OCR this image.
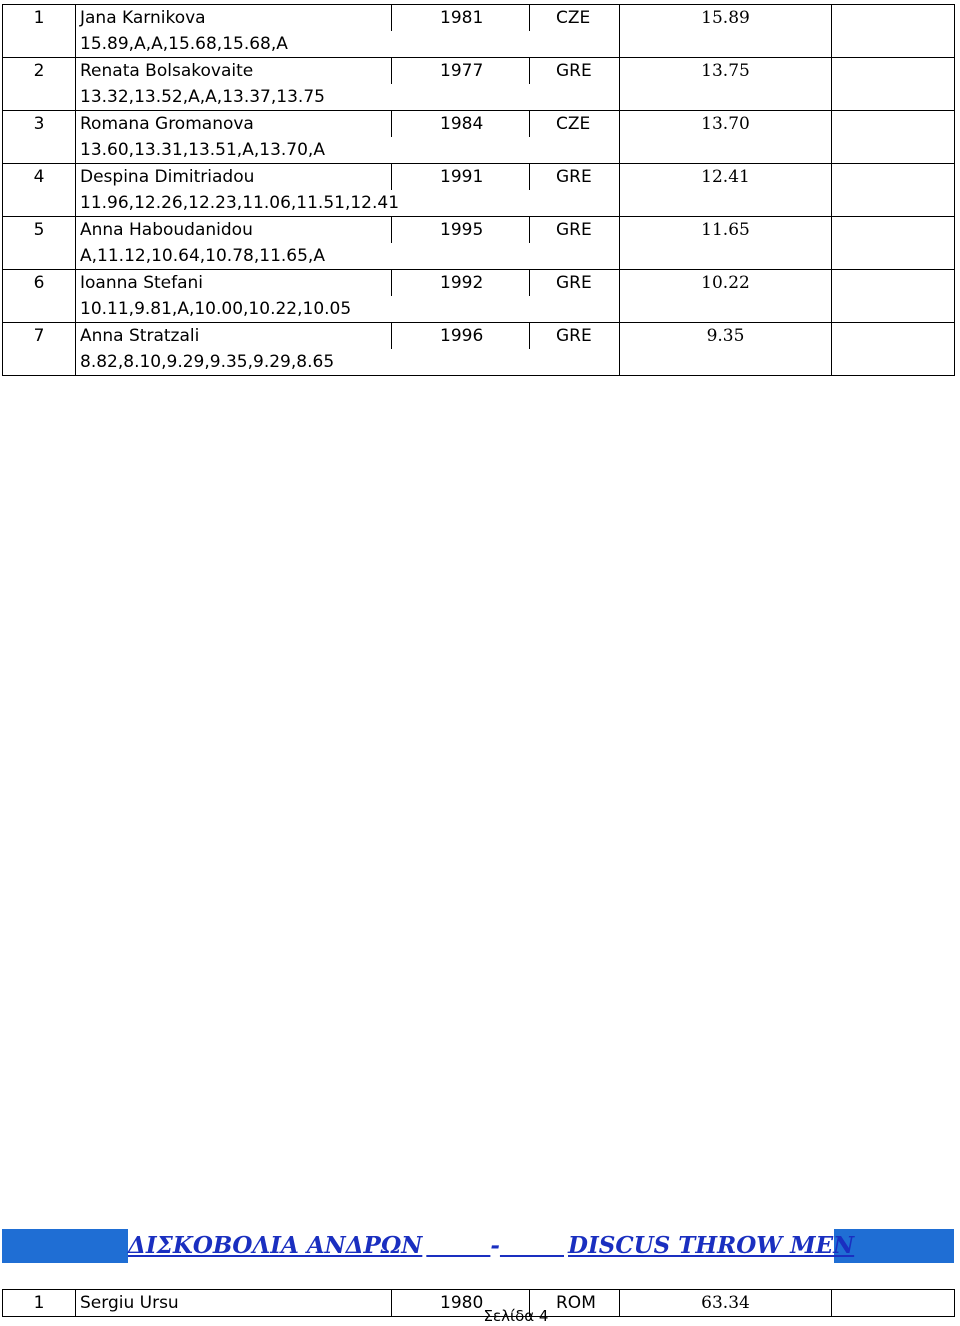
1	Jana Karnikova	1981	CZE	15.89	
	15.89,A,A,15.68,15.68,A				
2	Renata Bolsakovaite	1977	GRE	13.75	
	13.32,13.52,A,A,13.37,13.75				
3	Romana Gromanova	1984	CZE	13.70	
	13.60,13.31,13.51,A,13.70,A				
4	Despina Dimitriadou	1991	GRE	12.41	
	11.96,12.26,12.23,11.06,11.51,12.41				
5	Anna Haboudanidou	1995	GRE	11.65	
	A,11.12,10.64,10.78,11.65,A				
6	Ioanna Stefani	1992	GRE	10.22	
	10.11,9.81,A,10.00,10.22,10.05				
7	Anna Stratzali	1996	GRE	9.35	
	8.82,8.10,9.29,9.35,9.29,8.65				
ΔΙΣΚΟΒΟΛΙΑ ΑΝΔΡΩΝ	-	DISCUS THROW MEN
1	Sergiu Ursu	1980	ROM	63.34	
Σελίδα 4
